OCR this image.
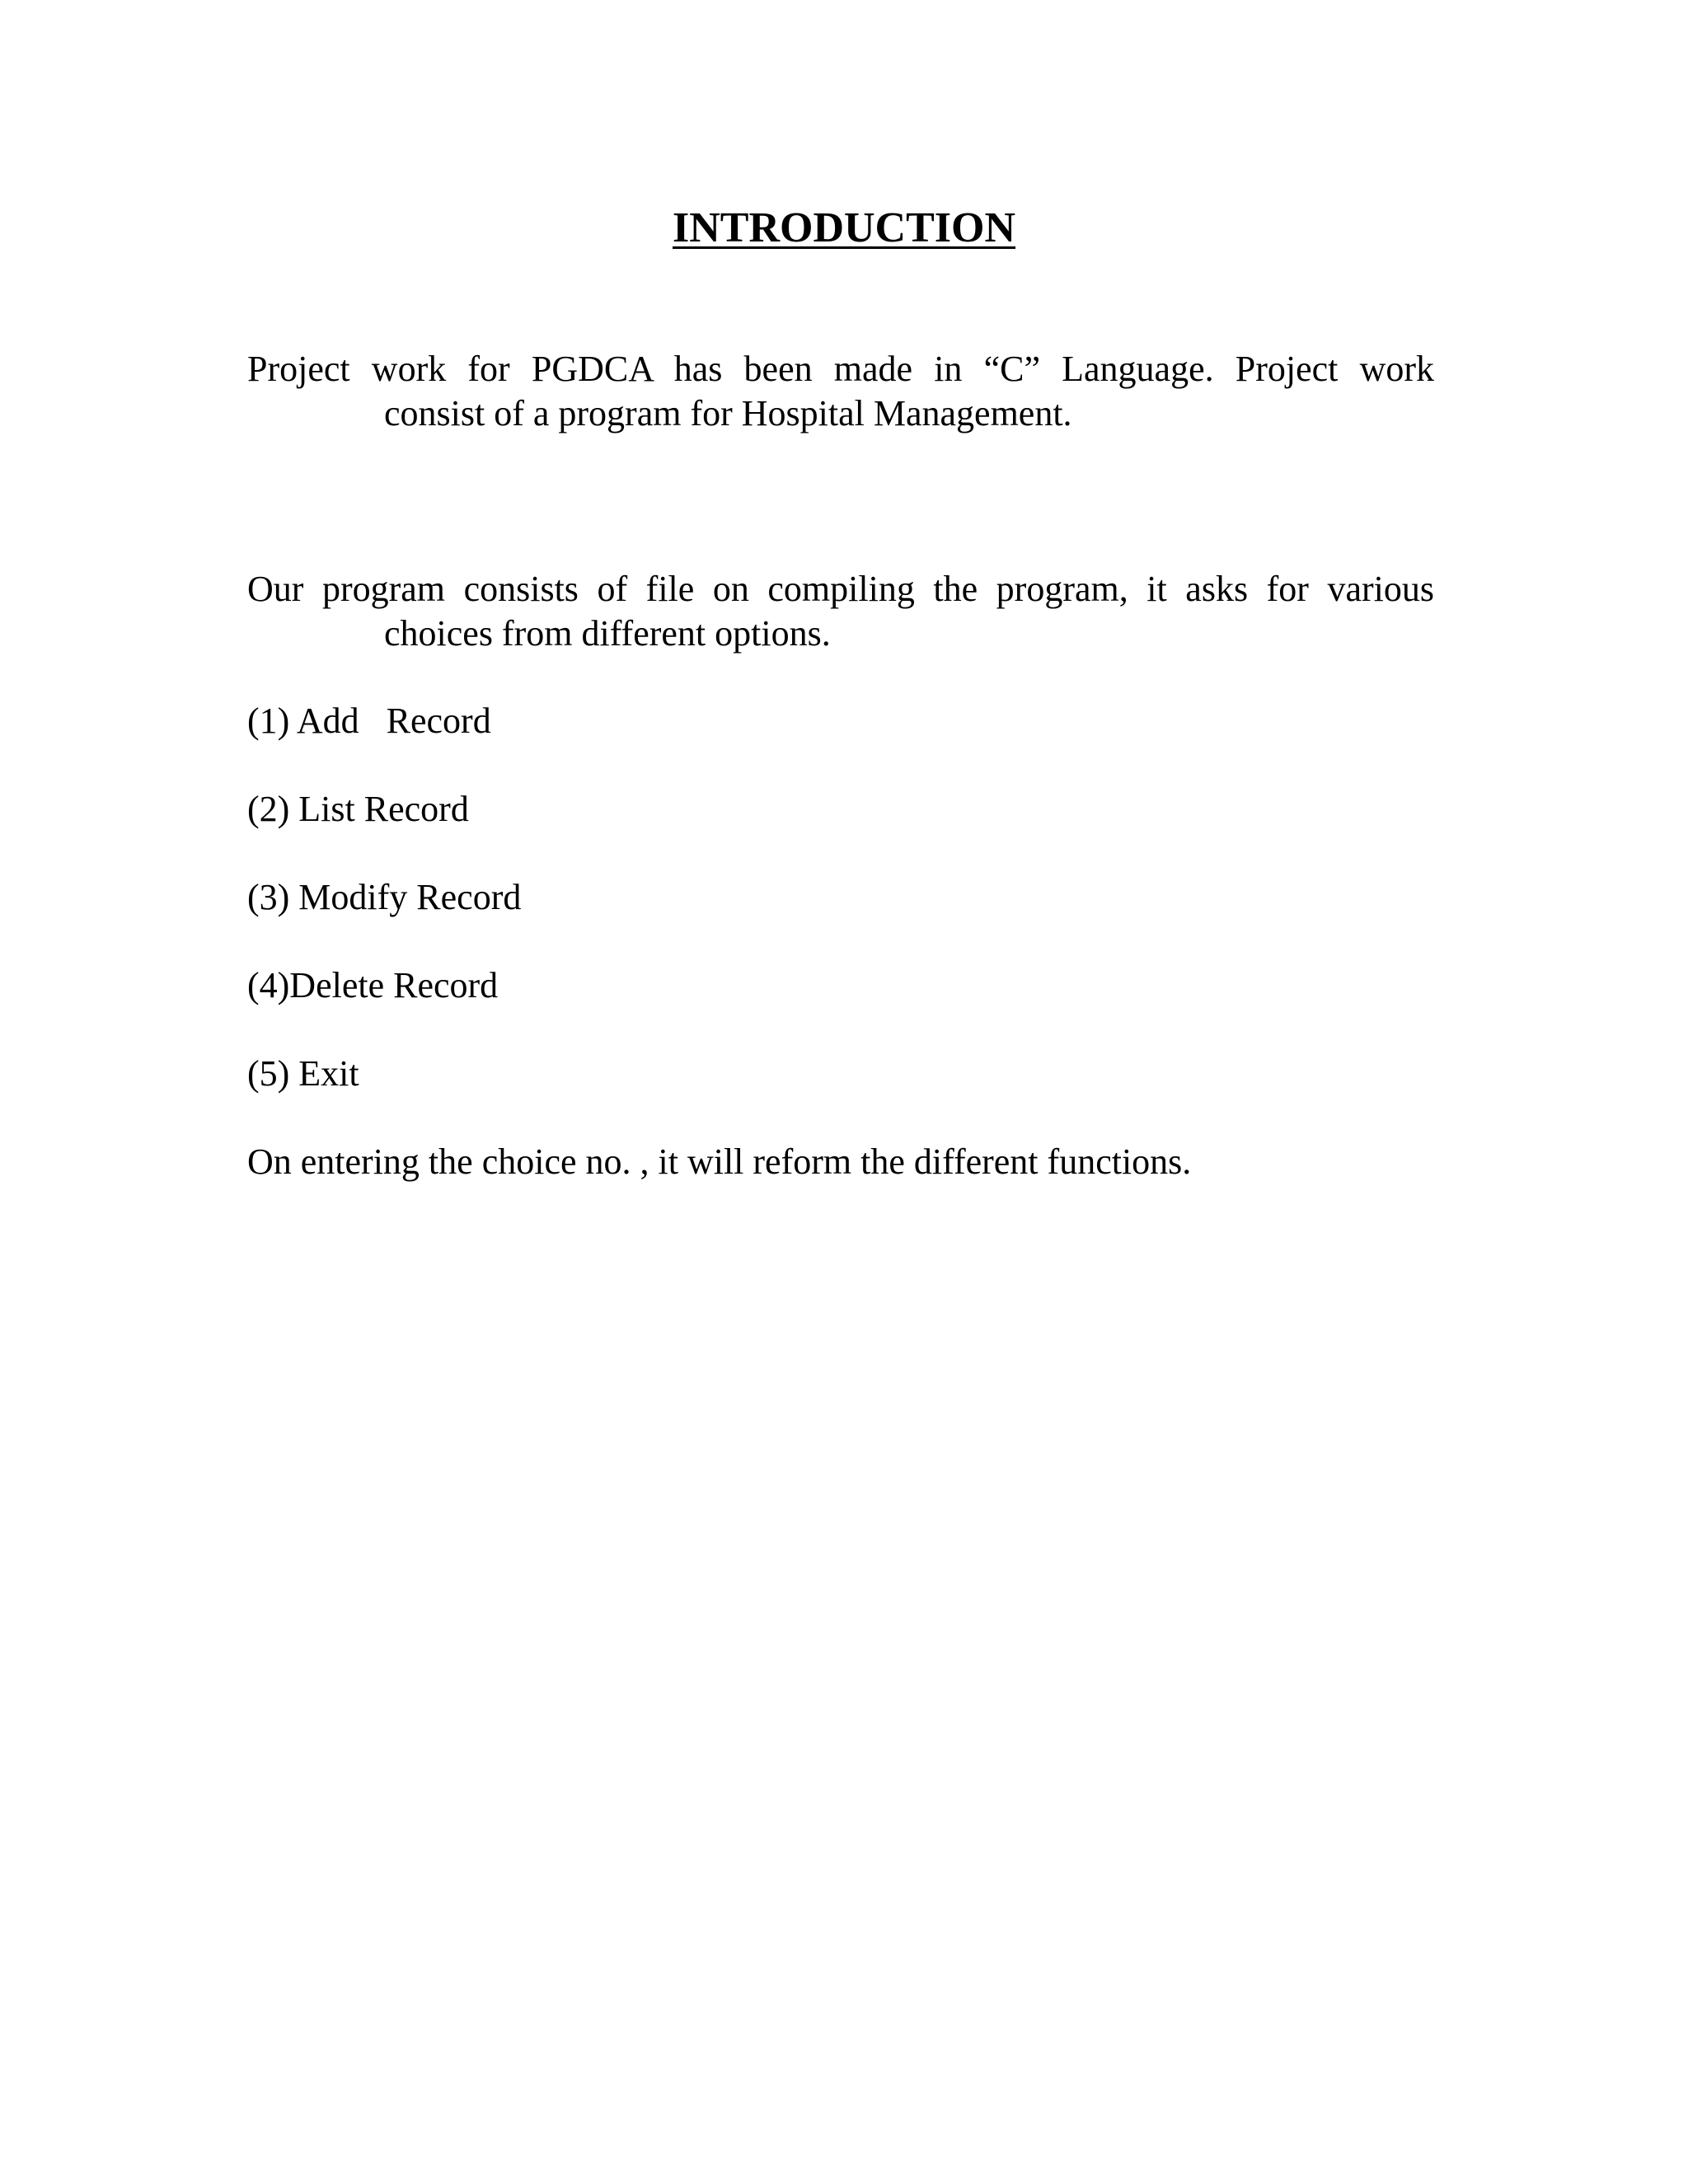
INTRODUCTION

Project work for PGDCA has been made in “C” Language. Project work
consist of a program for Hospital Management.

Our program consists of file on compiling the program, it asks for various
choices from different options.

(1) Add   Record

(2) List Record

(3) Modify Record

(4)Delete Record

(5) Exit

On entering the choice no. , it will reform the different functions.
